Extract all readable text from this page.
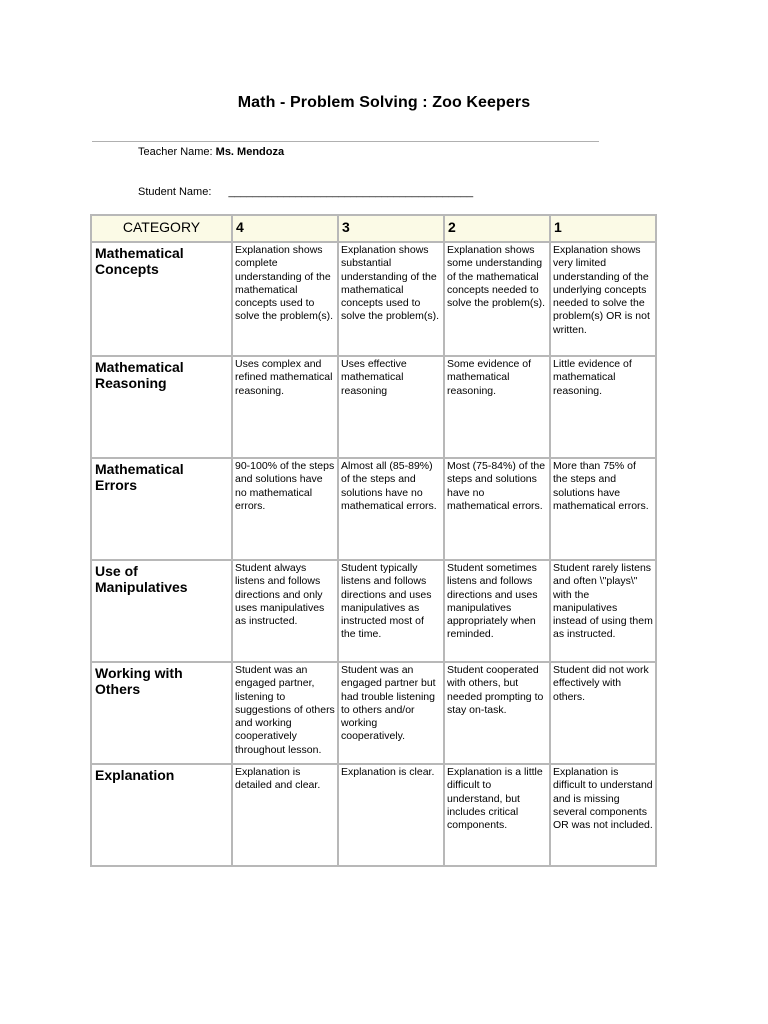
Math - Problem Solving : Zoo Keepers
Teacher Name: Ms. Mendoza
Student Name: ________________________________________
CATEGORY	4	3	2	1
Mathematical Concepts	Explanation shows complete understanding of the mathematical concepts used to solve the problem(s).	Explanation shows substantial understanding of the mathematical concepts used to solve the problem(s).	Explanation shows some understanding of the mathematical concepts needed to solve the problem(s).	Explanation shows very limited understanding of the underlying concepts needed to solve the problem(s) OR is not written.
Mathematical Reasoning	Uses complex and refined mathematical reasoning.	Uses effective mathematical reasoning	Some evidence of mathematical reasoning.	Little evidence of mathematical reasoning.
Mathematical Errors	90-100% of the steps and solutions have no mathematical errors.	Almost all (85-89%) of the steps and solutions have no mathematical errors.	Most (75-84%) of the steps and solutions have no mathematical errors.	More than 75% of the steps and solutions have mathematical errors.
Use of Manipulatives	Student always listens and follows directions and only uses manipulatives as instructed.	Student typically listens and follows directions and uses manipulatives as instructed most of the time.	Student sometimes listens and follows directions and uses manipulatives appropriately when reminded.	Student rarely listens and often \"plays\" with the manipulatives instead of using them as instructed.
Working with Others	Student was an engaged partner, listening to suggestions of others and working cooperatively throughout lesson.	Student was an engaged partner but had trouble listening to others and/or working cooperatively.	Student cooperated with others, but needed prompting to stay on-task.	Student did not work effectively with others.
Explanation	Explanation is detailed and clear.	Explanation is clear.	Explanation is a little difficult to understand, but includes critical components.	Explanation is difficult to understand and is missing several components OR was not included.
